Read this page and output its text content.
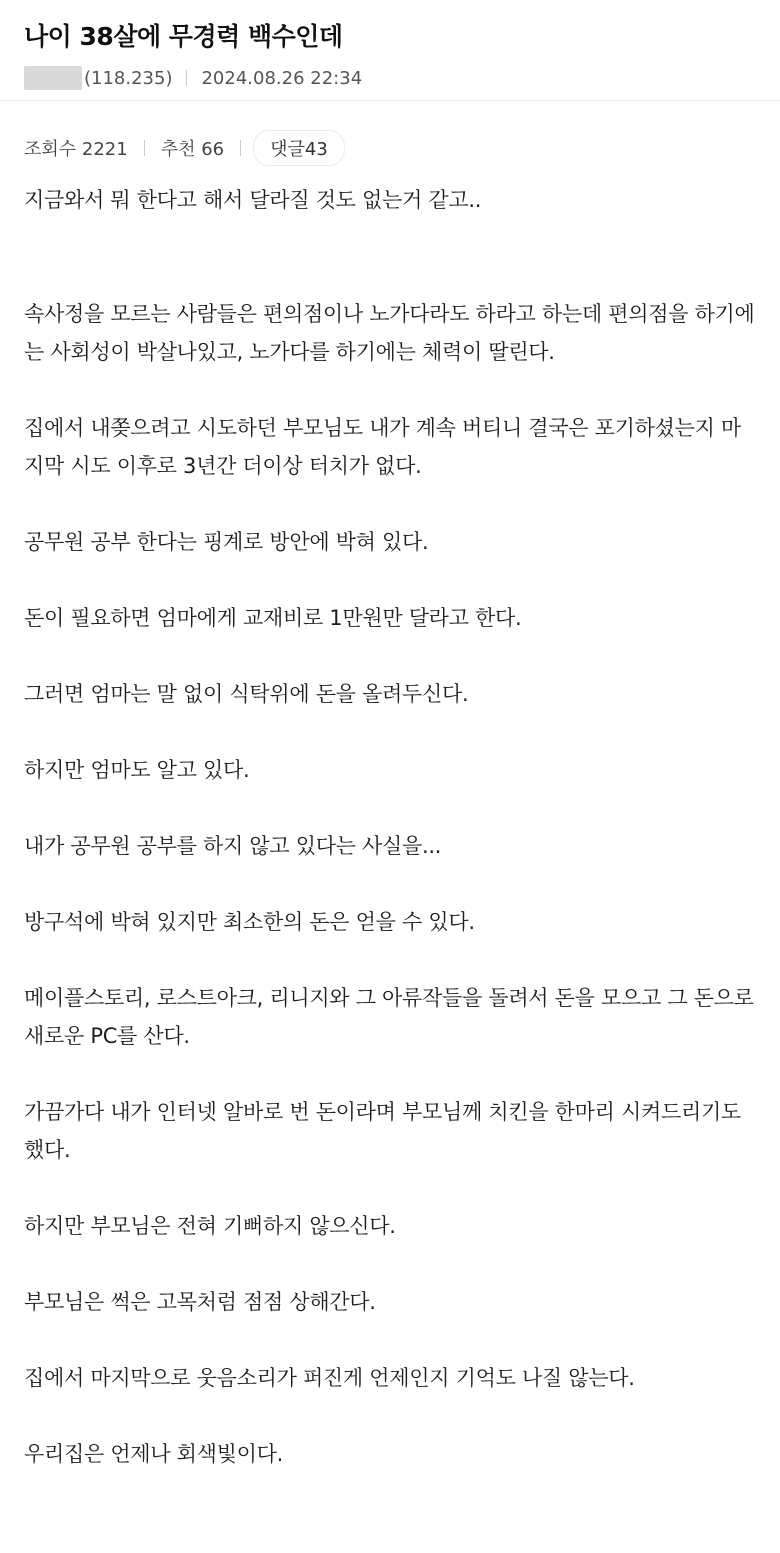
나이 38살에 무경력 백수인데
(118.235) 2024.08.26 22:34
조회수 2221 추천 66	댓글43

지금와서 뭐 한다고 해서 달라질 것도 없는거 같고..

속사정을 모르는 사람들은 편의점이나 노가다라도 하라고 하는데 편의점을 하기에는 사회성이 박살나있고, 노가다를 하기에는 체력이 딸린다.

집에서 내쫒으려고 시도하던 부모님도 내가 계속 버티니 결국은 포기하셨는지 마지막 시도 이후로 3년간 더이상 터치가 없다.

공무원 공부 한다는 핑계로 방안에 박혀 있다.

돈이 필요하면 엄마에게 교재비로 1만원만 달라고 한다.

그러면 엄마는 말 없이 식탁위에 돈을 올려두신다.

하지만 엄마도 알고 있다.

내가 공무원 공부를 하지 않고 있다는 사실을...

방구석에 박혀 있지만 최소한의 돈은 얻을 수 있다.

메이플스토리, 로스트아크, 리니지와 그 아류작들을 돌려서 돈을 모으고 그 돈으로 새로운 PC를 산다.

가끔가다 내가 인터넷 알바로 번 돈이라며 부모님께 치킨을 한마리 시켜드리기도 했다.

하지만 부모님은 전혀 기뻐하지 않으신다.

부모님은 썩은 고목처럼 점점 상해간다.

집에서 마지막으로 웃음소리가 퍼진게 언제인지 기억도 나질 않는다.

우리집은 언제나 회색빛이다.
